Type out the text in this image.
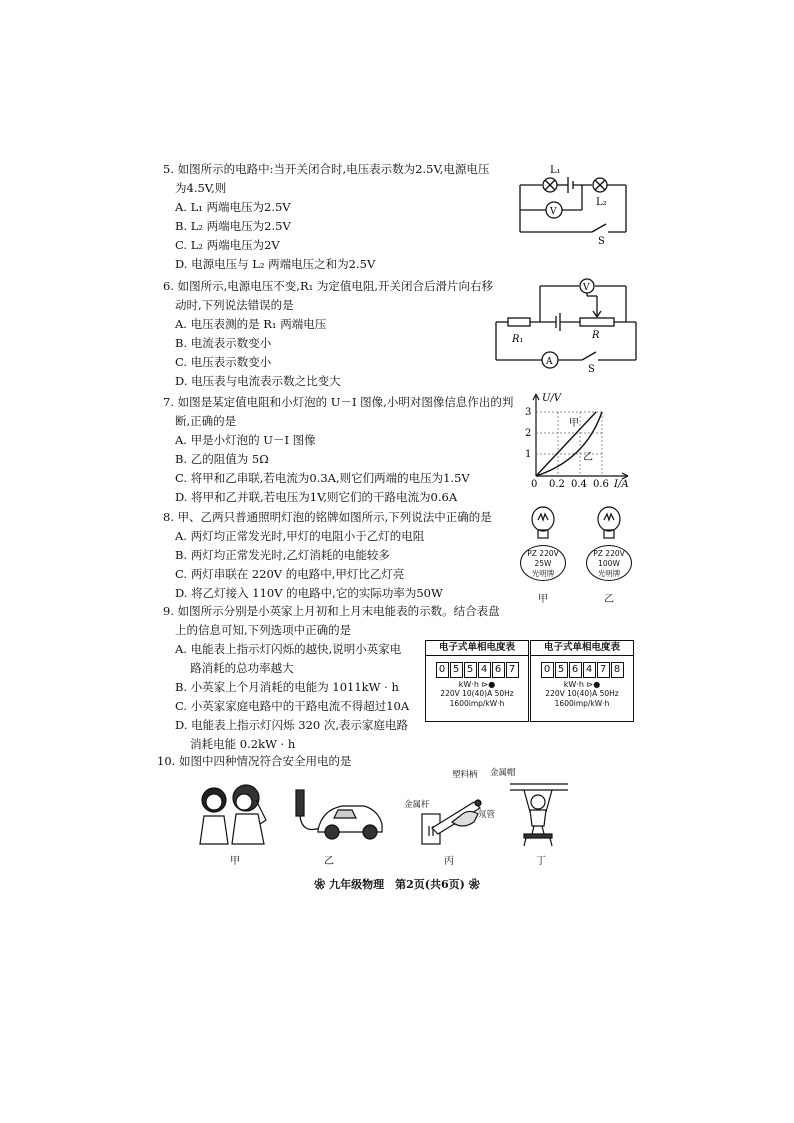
5. 如图所示的电路中:当开关闭合时,电压表示数为2.5V,电源电压
为4.5V,则
A. L₁ 两端电压为2.5V
B. L₂ 两端电压为2.5V
C. L₂ 两端电压为2V
D. 电源电压与 L₂ 两端电压之和为2.5V
L₁
L₂
V
S
6. 如图所示,电源电压不变,R₁ 为定值电阻,开关闭合后滑片向右移
动时,下列说法错误的是
A. 电压表测的是 R₁ 两端电压
B. 电流表示数变小
C. 电压表示数变小
D. 电压表与电流表示数之比变大
V
A
R₁	R
S
7. 如图是某定值电阻和小灯泡的 U－I 图像,小明对图像信息作出的判
断,正确的是
A. 甲是小灯泡的 U－I 图像
B. 乙的阻值为 5Ω
C. 将甲和乙串联,若电流为0.3A,则它们两端的电压为1.5V
D. 将甲和乙并联,若电压为1V,则它们的干路电流为0.6A
U/V
I/A
3
2
1
0 0.2 0.4 0.6
甲
乙
8. 甲、乙两只普通照明灯泡的铭牌如图所示,下列说法中正确的是
A. 两灯均正常发光时,甲灯的电阻小于乙灯的电阻
B. 两灯均正常发光时,乙灯消耗的电能较多
C. 两灯串联在 220V 的电路中,甲灯比乙灯亮
D. 将乙灯接入 110V 的电路中,它的实际功率为50W
PZ 220V
25W
光明牌
PZ 220V
100W
光明牌
甲	乙
9. 如图所示分别是小英家上月初和上月末电能表的示数。结合表盘
上的信息可知,下列选项中正确的是
A. 电能表上指示灯闪烁的越快,说明小英家电
　 路消耗的总功率越大
B. 小英家上个月消耗的电能为 1011kW · h
C. 小英家家庭电路中的干路电流不得超过10A
D. 电能表上指示灯闪烁 320 次,表示家庭电路
　 消耗电能 0.2kW · h
电子式单相电度表
0 5 5 4 6 7
kW·h ⊳●
220V 10(40)A 50Hz
1600imp/kW·h
电子式单相电度表
0 5 6 4 7 8
kW·h ⊳●
220V 10(40)A 50Hz
1600imp/kW·h
10. 如图中四种情况符合安全用电的是
塑料柄 金属帽
金属杆
氖管
甲	乙	丙	丁
❀ 九年级物理　第2页(共6页) ❀
